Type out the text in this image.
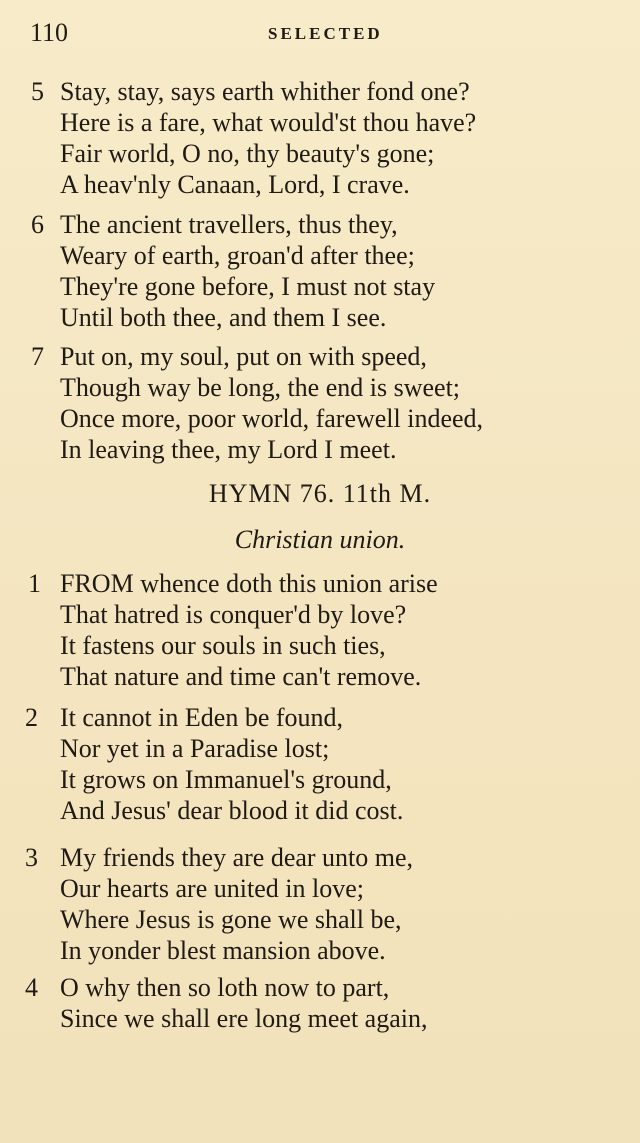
110	SELECTED
5 Stay, stay, says earth whither fond one?
Here is a fare, what would'st thou have?
Fair world, O no, thy beauty's gone;
A heav'nly Canaan, Lord, I crave.
6 The ancient travellers, thus they,
Weary of earth, groan'd after thee;
They're gone before, I must not stay
Until both thee, and them I see.
7 Put on, my soul, put on with speed,
Though way be long, the end is sweet;
Once more, poor world, farewell indeed,
In leaving thee, my Lord I meet.
HYMN 76. 11th M.
Christian union.
1 FROM whence doth this union arise
That hatred is conquer'd by love?
It fastens our souls in such ties,
That nature and time can't remove.
2 It cannot in Eden be found,
Nor yet in a Paradise lost;
It grows on Immanuel's ground,
And Jesus' dear blood it did cost.
3 My friends they are dear unto me,
Our hearts are united in love;
Where Jesus is gone we shall be,
In yonder blest mansion above.
4 O why then so loth now to part,
Since we shall ere long meet again,
